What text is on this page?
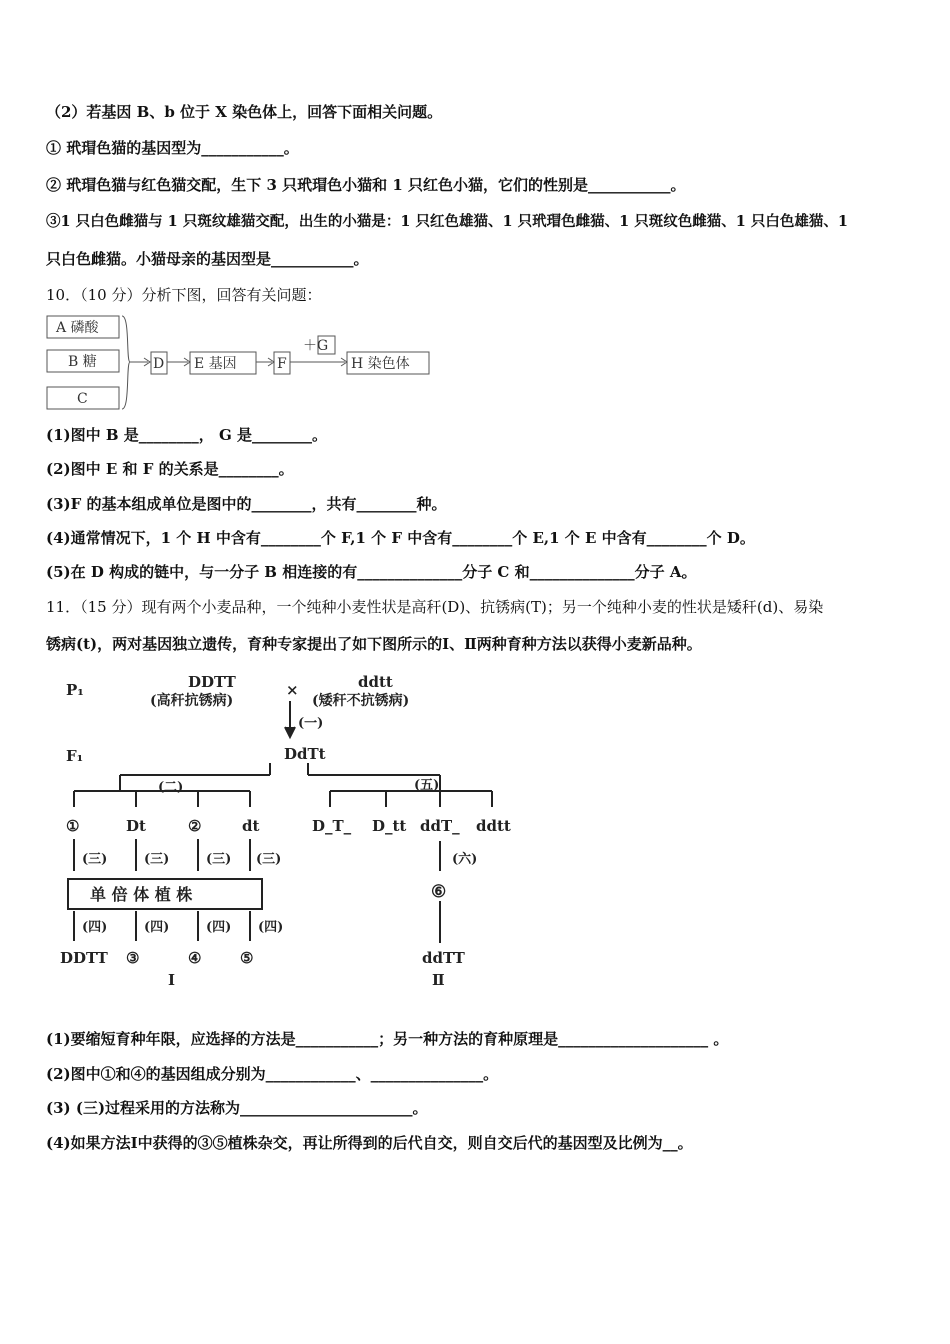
（2）若基因 B、b 位于 X 染色体上，回答下面相关问题。
① 玳瑁色猫的基因型为___________。
② 玳瑁色猫与红色猫交配，生下 3 只玳瑁色小猫和 1 只红色小猫，它们的性别是___________。
③1 只白色雌猫与 1 只斑纹雄猫交配，出生的小猫是：1 只红色雄猫、1 只玳瑁色雌猫、1 只斑纹色雌猫、1 只白色雄猫、1
只白色雌猫。小猫母亲的基因型是___________。
10．（10 分）分析下图，回答有关问题：
A 磷酸
B 糖
C
D E 基因	F
＋G
H 染色体
(1)图中 B 是________， G 是________。
(2)图中 E 和 F 的关系是________。
(3)F 的基本组成单位是图中的________，共有________种。
(4)通常情况下，1 个 H 中含有________个 F,1 个 F 中含有________个 E,1 个 E 中含有________个 D。
(5)在 D 构成的链中，与一分子 B 相连接的有______________分子 C 和______________分子 A。
11．（15 分）现有两个小麦品种，一个纯种小麦性状是高秆(D)、抗锈病(T)；另一个纯种小麦的性状是矮秆(d)、易染
锈病(t)，两对基因独立遗传，育种专家提出了如下图所示的Ⅰ、Ⅱ两种育种方法以获得小麦新品种。
P₁
F₁
DDTT
(高秆抗锈病)
×	ddtt
(矮秆不抗锈病)
(一)
DdTt
(二)	(五)
①	Dt	②	dt	D_T_ D_tt ddT_ ddtt
(三)	(三)	(三) (三)	(六)
单 倍 体 植 株	⑥
(四)	(四)	(四) (四)
DDTT ③	④	⑤
Ⅰ
ddTT
Ⅱ
(1)要缩短育种年限，应选择的方法是___________；另一种方法的育种原理是____________________ 。
(2)图中①和④的基因组成分别为____________、_______________。
(3) (三)过程采用的方法称为_______________________。
(4)如果方法Ⅰ中获得的③⑤植株杂交，再让所得到的后代自交，则自交后代的基因型及比例为__。
